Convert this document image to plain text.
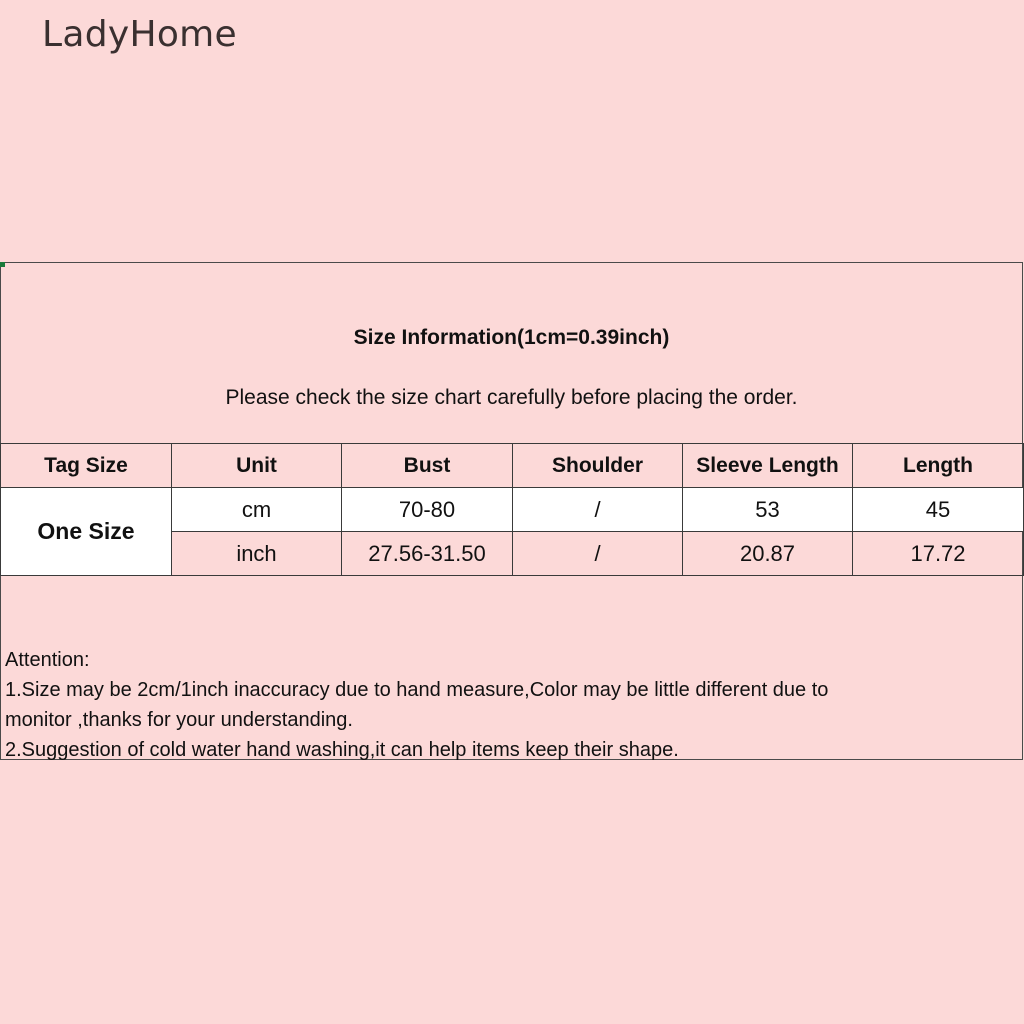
LadyHome
Size Information(1cm=0.39inch)
Please check the size chart carefully before placing the order.
Tag Size	Unit	Bust	Shoulder	Sleeve Length	Length
One Size	cm	70-80	/	53	45
	inch	27.56-31.50	/	20.87	17.72
Attention:
1.Size may be 2cm/1inch inaccuracy due to hand measure,Color may be little different due to
monitor ,thanks for your understanding.
2.Suggestion of cold water hand washing,it can help items keep their shape.
